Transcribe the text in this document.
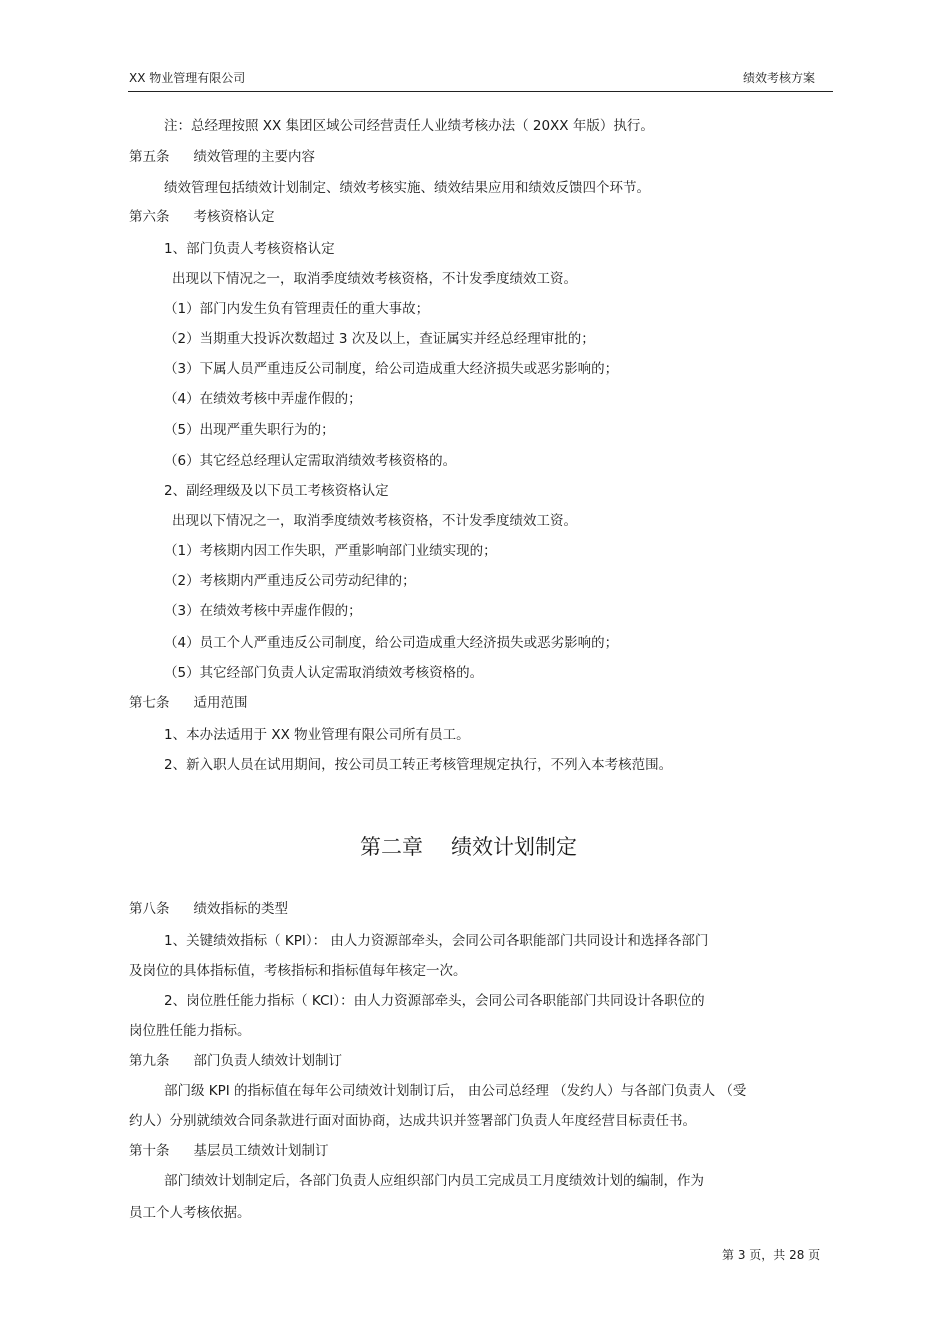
XX 物业管理有限公司	绩效考核方案
注：总经理按照 XX 集团区域公司经营责任人业绩考核办法（ 20XX 年版）执行。
第五条 绩效管理的主要内容
绩效管理包括绩效计划制定、绩效考核实施、绩效结果应用和绩效反馈四个环节。
第六条 考核资格认定
1、部门负责人考核资格认定
出现以下情况之一，取消季度绩效考核资格，不计发季度绩效工资。
（1）部门内发生负有管理责任的重大事故；
（2）当期重大投诉次数超过 3 次及以上，查证属实并经总经理审批的；
（3）下属人员严重违反公司制度，给公司造成重大经济损失或恶劣影响的；
（4）在绩效考核中弄虚作假的；
（5）出现严重失职行为的；
（6）其它经总经理认定需取消绩效考核资格的。
2、副经理级及以下员工考核资格认定
出现以下情况之一，取消季度绩效考核资格，不计发季度绩效工资。
（1）考核期内因工作失职，严重影响部门业绩实现的；
（2）考核期内严重违反公司劳动纪律的；
（3）在绩效考核中弄虚作假的；
（4）员工个人严重违反公司制度，给公司造成重大经济损失或恶劣影响的；
（5）其它经部门负责人认定需取消绩效考核资格的。
第七条 适用范围
1、本办法适用于 XX 物业管理有限公司所有员工。
2、新入职人员在试用期间，按公司员工转正考核管理规定执行，不列入本考核范围。
第二章 绩效计划制定
第八条 绩效指标的类型
1、关键绩效指标（ KPI）： 由人力资源部牵头，会同公司各职能部门共同设计和选择各部门
及岗位的具体指标值，考核指标和指标值每年核定一次。
2、岗位胜任能力指标（ KCI）：由人力资源部牵头，会同公司各职能部门共同设计各职位的
岗位胜任能力指标。
第九条 部门负责人绩效计划制订
部门级 KPI 的指标值在每年公司绩效计划制订后， 由公司总经理 （发约人）与各部门负责人 （受
约人）分别就绩效合同条款进行面对面协商，达成共识并签署部门负责人年度经营目标责任书。
第十条 基层员工绩效计划制订
部门绩效计划制定后，各部门负责人应组织部门内员工完成员工月度绩效计划的编制，作为
员工个人考核依据。
第 3 页，共 28 页
